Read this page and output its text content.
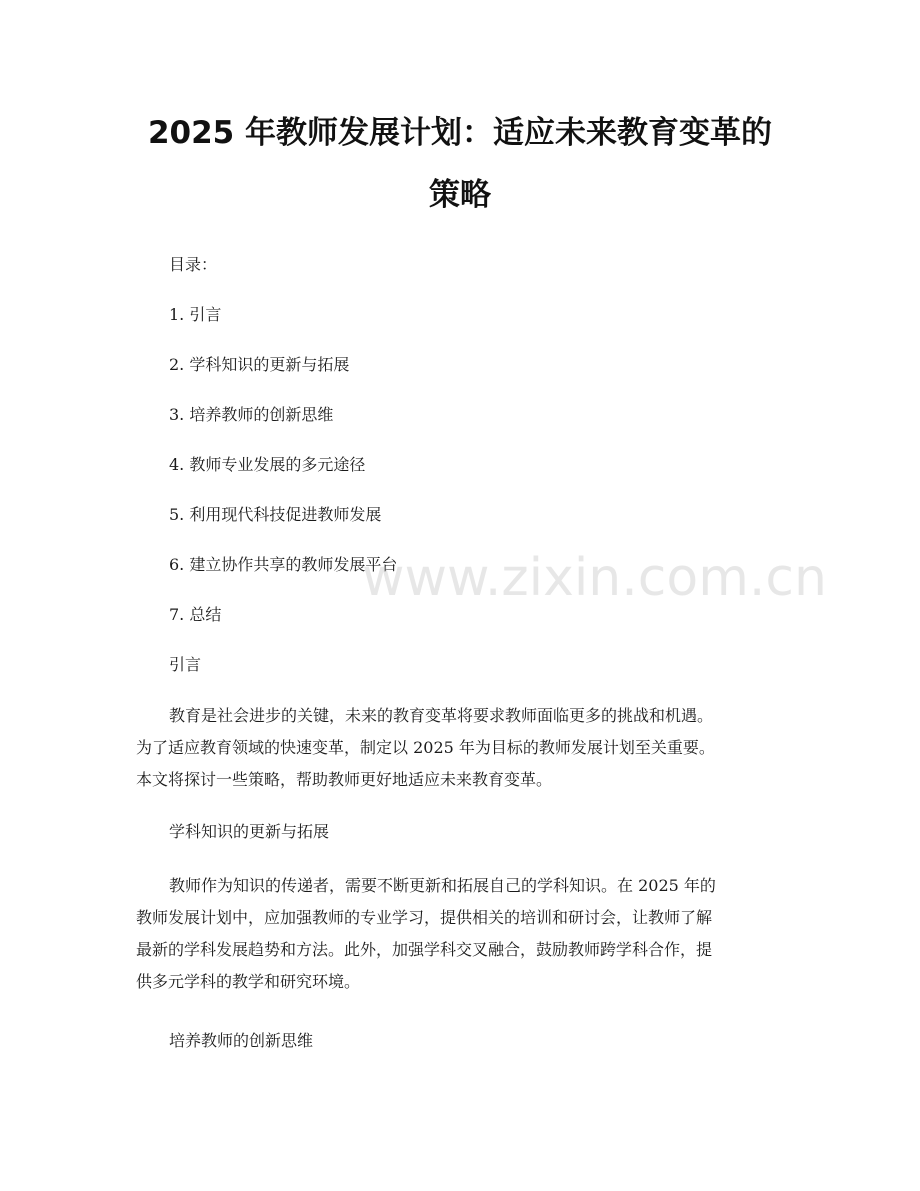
2025 年教师发展计划：适应未来教育变革的
策略
目录：
1. 引言
2. 学科知识的更新与拓展
3. 培养教师的创新思维
4. 教师专业发展的多元途径
5. 利用现代科技促进教师发展
6. 建立协作共享的教师发展平台
7. 总结
引言
教育是社会进步的关键，未来的教育变革将要求教师面临更多的挑战和机遇。
为了适应教育领域的快速变革，制定以 2025 年为目标的教师发展计划至关重要。
本文将探讨一些策略，帮助教师更好地适应未来教育变革。
学科知识的更新与拓展
教师作为知识的传递者，需要不断更新和拓展自己的学科知识。在 2025 年的
教师发展计划中，应加强教师的专业学习，提供相关的培训和研讨会，让教师了解
最新的学科发展趋势和方法。此外，加强学科交叉融合，鼓励教师跨学科合作，提
供多元学科的教学和研究环境。
培养教师的创新思维
www.zixin.com.cn
